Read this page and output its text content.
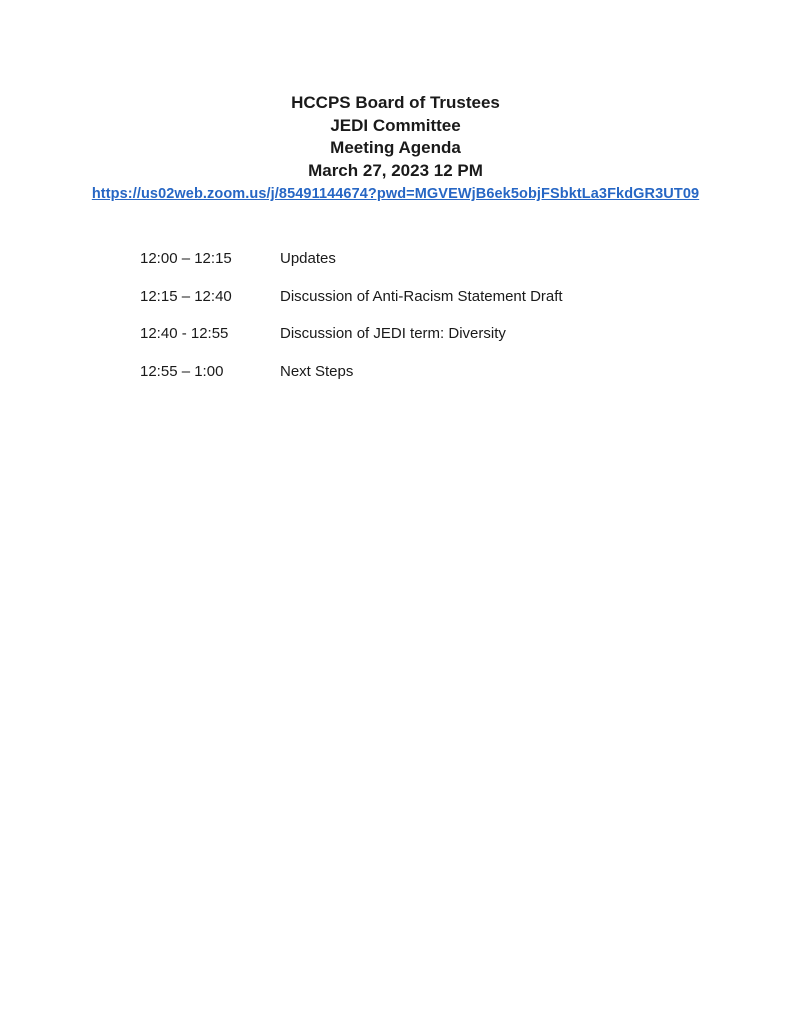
HCCPS Board of Trustees
JEDI Committee
Meeting Agenda
March 27, 2023 12 PM
https://us02web.zoom.us/j/85491144674?pwd=MGVEWjB6ek5objFSbktLa3FkdGR3UT09
12:00 – 12:15	Updates
12:15 – 12:40	Discussion of Anti-Racism Statement Draft
12:40 - 12:55	Discussion of JEDI term: Diversity
12:55 – 1:00	Next Steps
